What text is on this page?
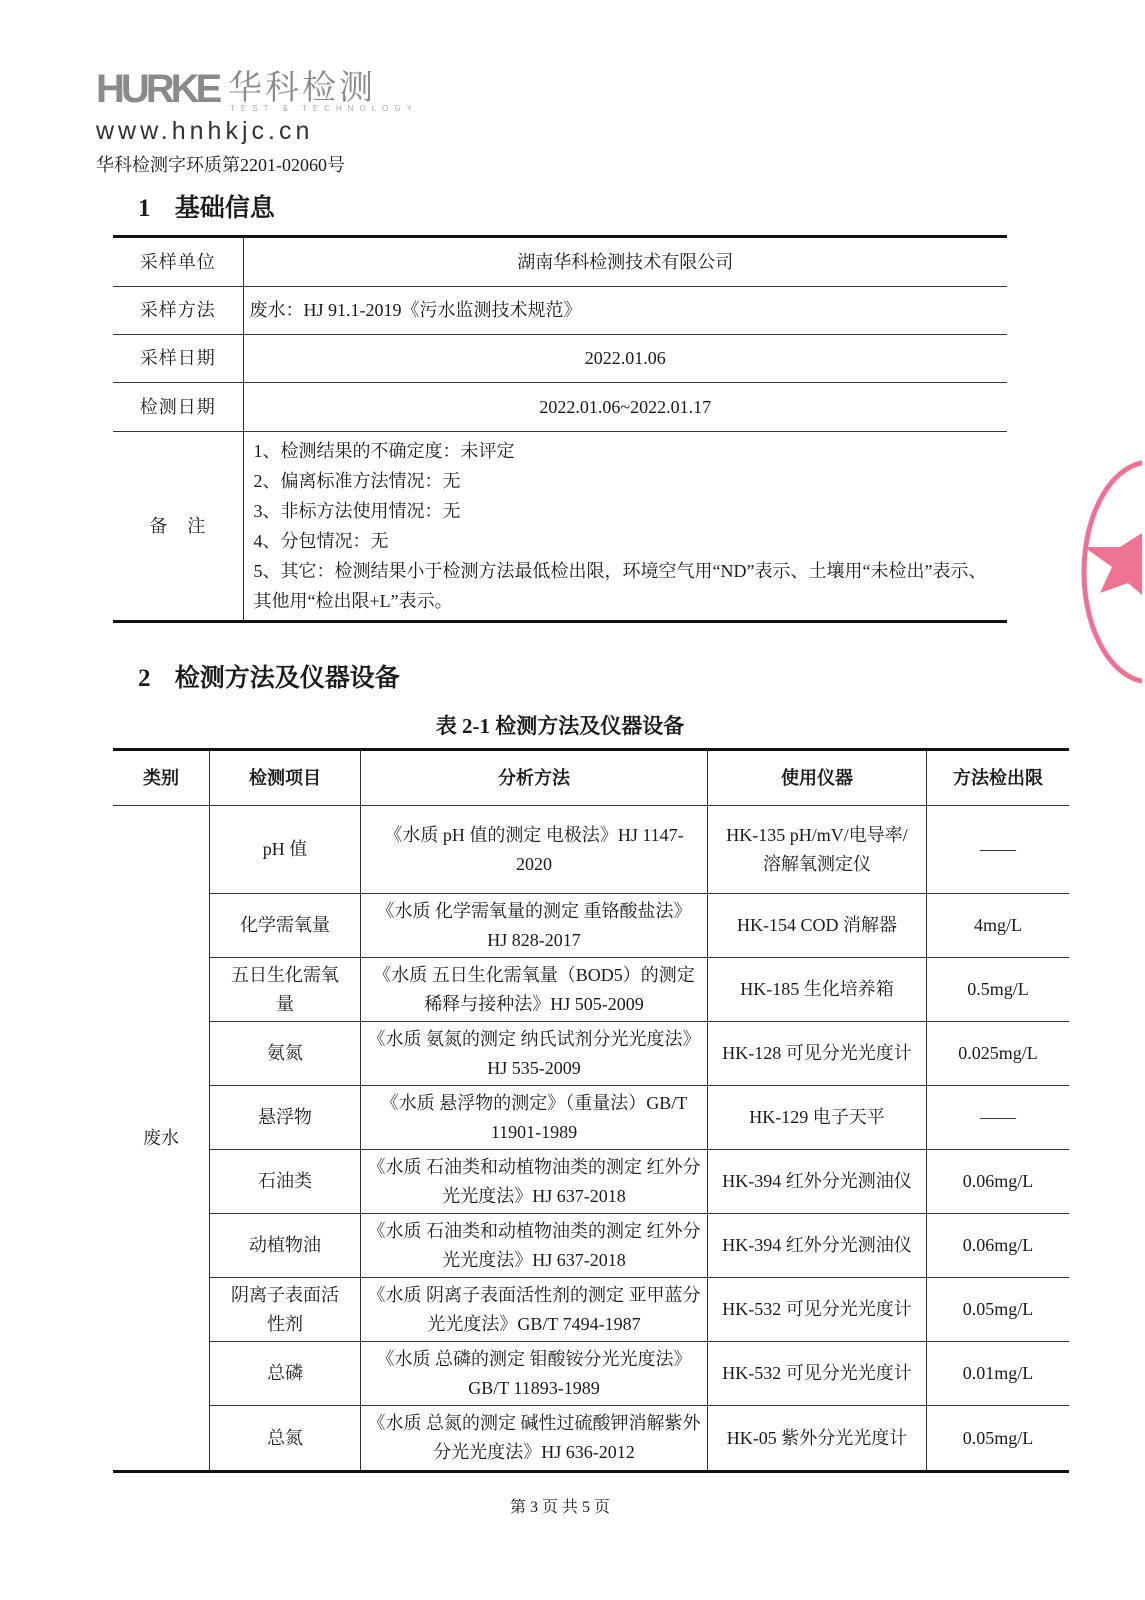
HURKE 华科检测
TEST & TECHNOLOGY
www.hnhkjc.cn
华科检测字环质第2201-02060号
1 基础信息
采样单位	湖南华科检测技术有限公司
采样方法	废水：HJ 91.1-2019《污水监测技术规范》
采样日期	2022.01.06
检测日期	2022.01.06~2022.01.17
备　注	1、检测结果的不确定度：未评定
2、偏离标准方法情况：无
3、非标方法使用情况：无
4、分包情况：无
5、其它：检测结果小于检测方法最低检出限，环境空气用“ND”表示、土壤用“未检出”表示、其他用“检出限+L”表示。
2 检测方法及仪器设备
表 2-1 检测方法及仪器设备
类别	检测项目	分析方法	使用仪器	方法检出限
废水	pH 值	《水质 pH 值的测定 电极法》HJ 1147-2020	HK-135 pH/mV/电导率/溶解氧测定仪	——
	化学需氧量	《水质 化学需氧量的测定 重铬酸盐法》HJ 828-2017	HK-154 COD 消解器	4mg/L
	五日生化需氧量	《水质 五日生化需氧量（BOD5）的测定 稀释与接种法》HJ 505-2009	HK-185 生化培养箱	0.5mg/L
	氨氮	《水质 氨氮的测定 纳氏试剂分光光度法》HJ 535-2009	HK-128 可见分光光度计	0.025mg/L
	悬浮物	《水质 悬浮物的测定》（重量法）GB/T 11901-1989	HK-129 电子天平	——
	石油类	《水质 石油类和动植物油类的测定 红外分光光度法》HJ 637-2018	HK-394 红外分光测油仪	0.06mg/L
	动植物油	《水质 石油类和动植物油类的测定 红外分光光度法》HJ 637-2018	HK-394 红外分光测油仪	0.06mg/L
	阴离子表面活性剂	《水质 阴离子表面活性剂的测定 亚甲蓝分光光度法》GB/T 7494-1987	HK-532 可见分光光度计	0.05mg/L
	总磷	《水质 总磷的测定 钼酸铵分光光度法》GB/T 11893-1989	HK-532 可见分光光度计	0.01mg/L
	总氮	《水质 总氮的测定 碱性过硫酸钾消解紫外分光光度法》HJ 636-2012	HK-05 紫外分光光度计	0.05mg/L
第 3 页 共 5 页
